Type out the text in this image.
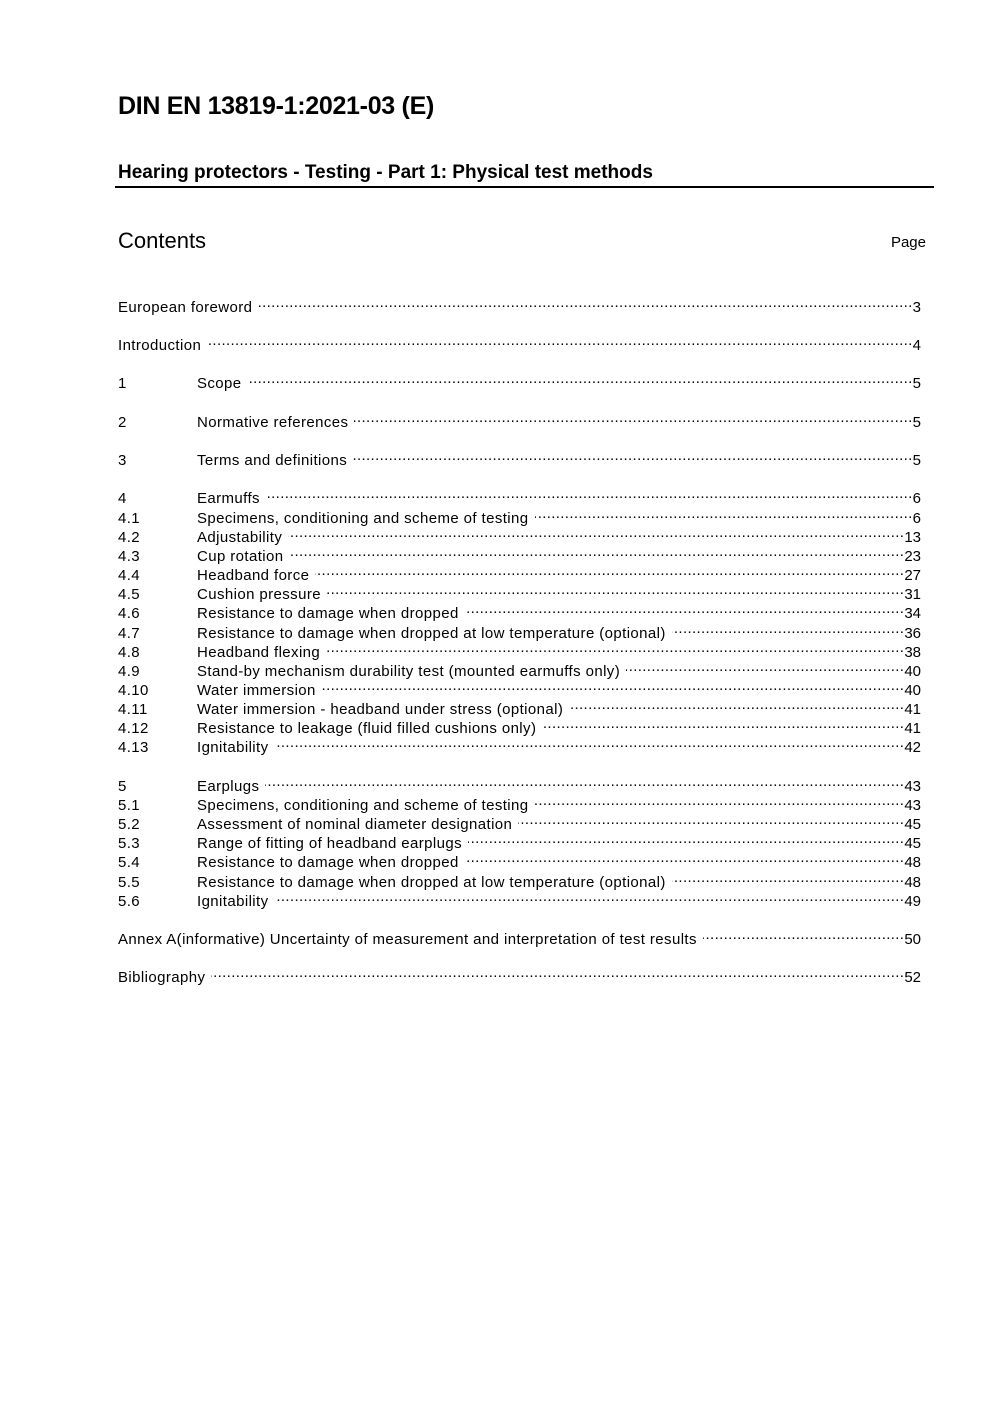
DIN EN 13819-1:2021-03 (E)
Hearing protectors - Testing - Part 1: Physical test methods
Contents	Page
European foreword .....	3
Introduction .....	4
1	Scope .....	5
2	Normative references .....	5
3	Terms and definitions .....	5
4	Earmuffs .....	6
4.1	Specimens, conditioning and scheme of testing .....	6
4.2	Adjustability .....	13
4.3	Cup rotation .....	23
4.4	Headband force .....	27
4.5	Cushion pressure .....	31
4.6	Resistance to damage when dropped .....	34
4.7	Resistance to damage when dropped at low temperature (optional) .....	36
4.8	Headband flexing .....	38
4.9	Stand-by mechanism durability test (mounted earmuffs only) .....	40
4.10	Water immersion .....	40
4.11	Water immersion - headband under stress (optional) .....	41
4.12	Resistance to leakage (fluid filled cushions only) .....	41
4.13	Ignitability .....	42
5	Earplugs .....	43
5.1	Specimens, conditioning and scheme of testing .....	43
5.2	Assessment of nominal diameter designation .....	45
5.3	Range of fitting of headband earplugs .....	45
5.4	Resistance to damage when dropped .....	48
5.5	Resistance to damage when dropped at low temperature (optional) .....	48
5.6	Ignitability .....	49
Annex A(informative) Uncertainty of measurement and interpretation of test results .....	50
Bibliography .....	52
